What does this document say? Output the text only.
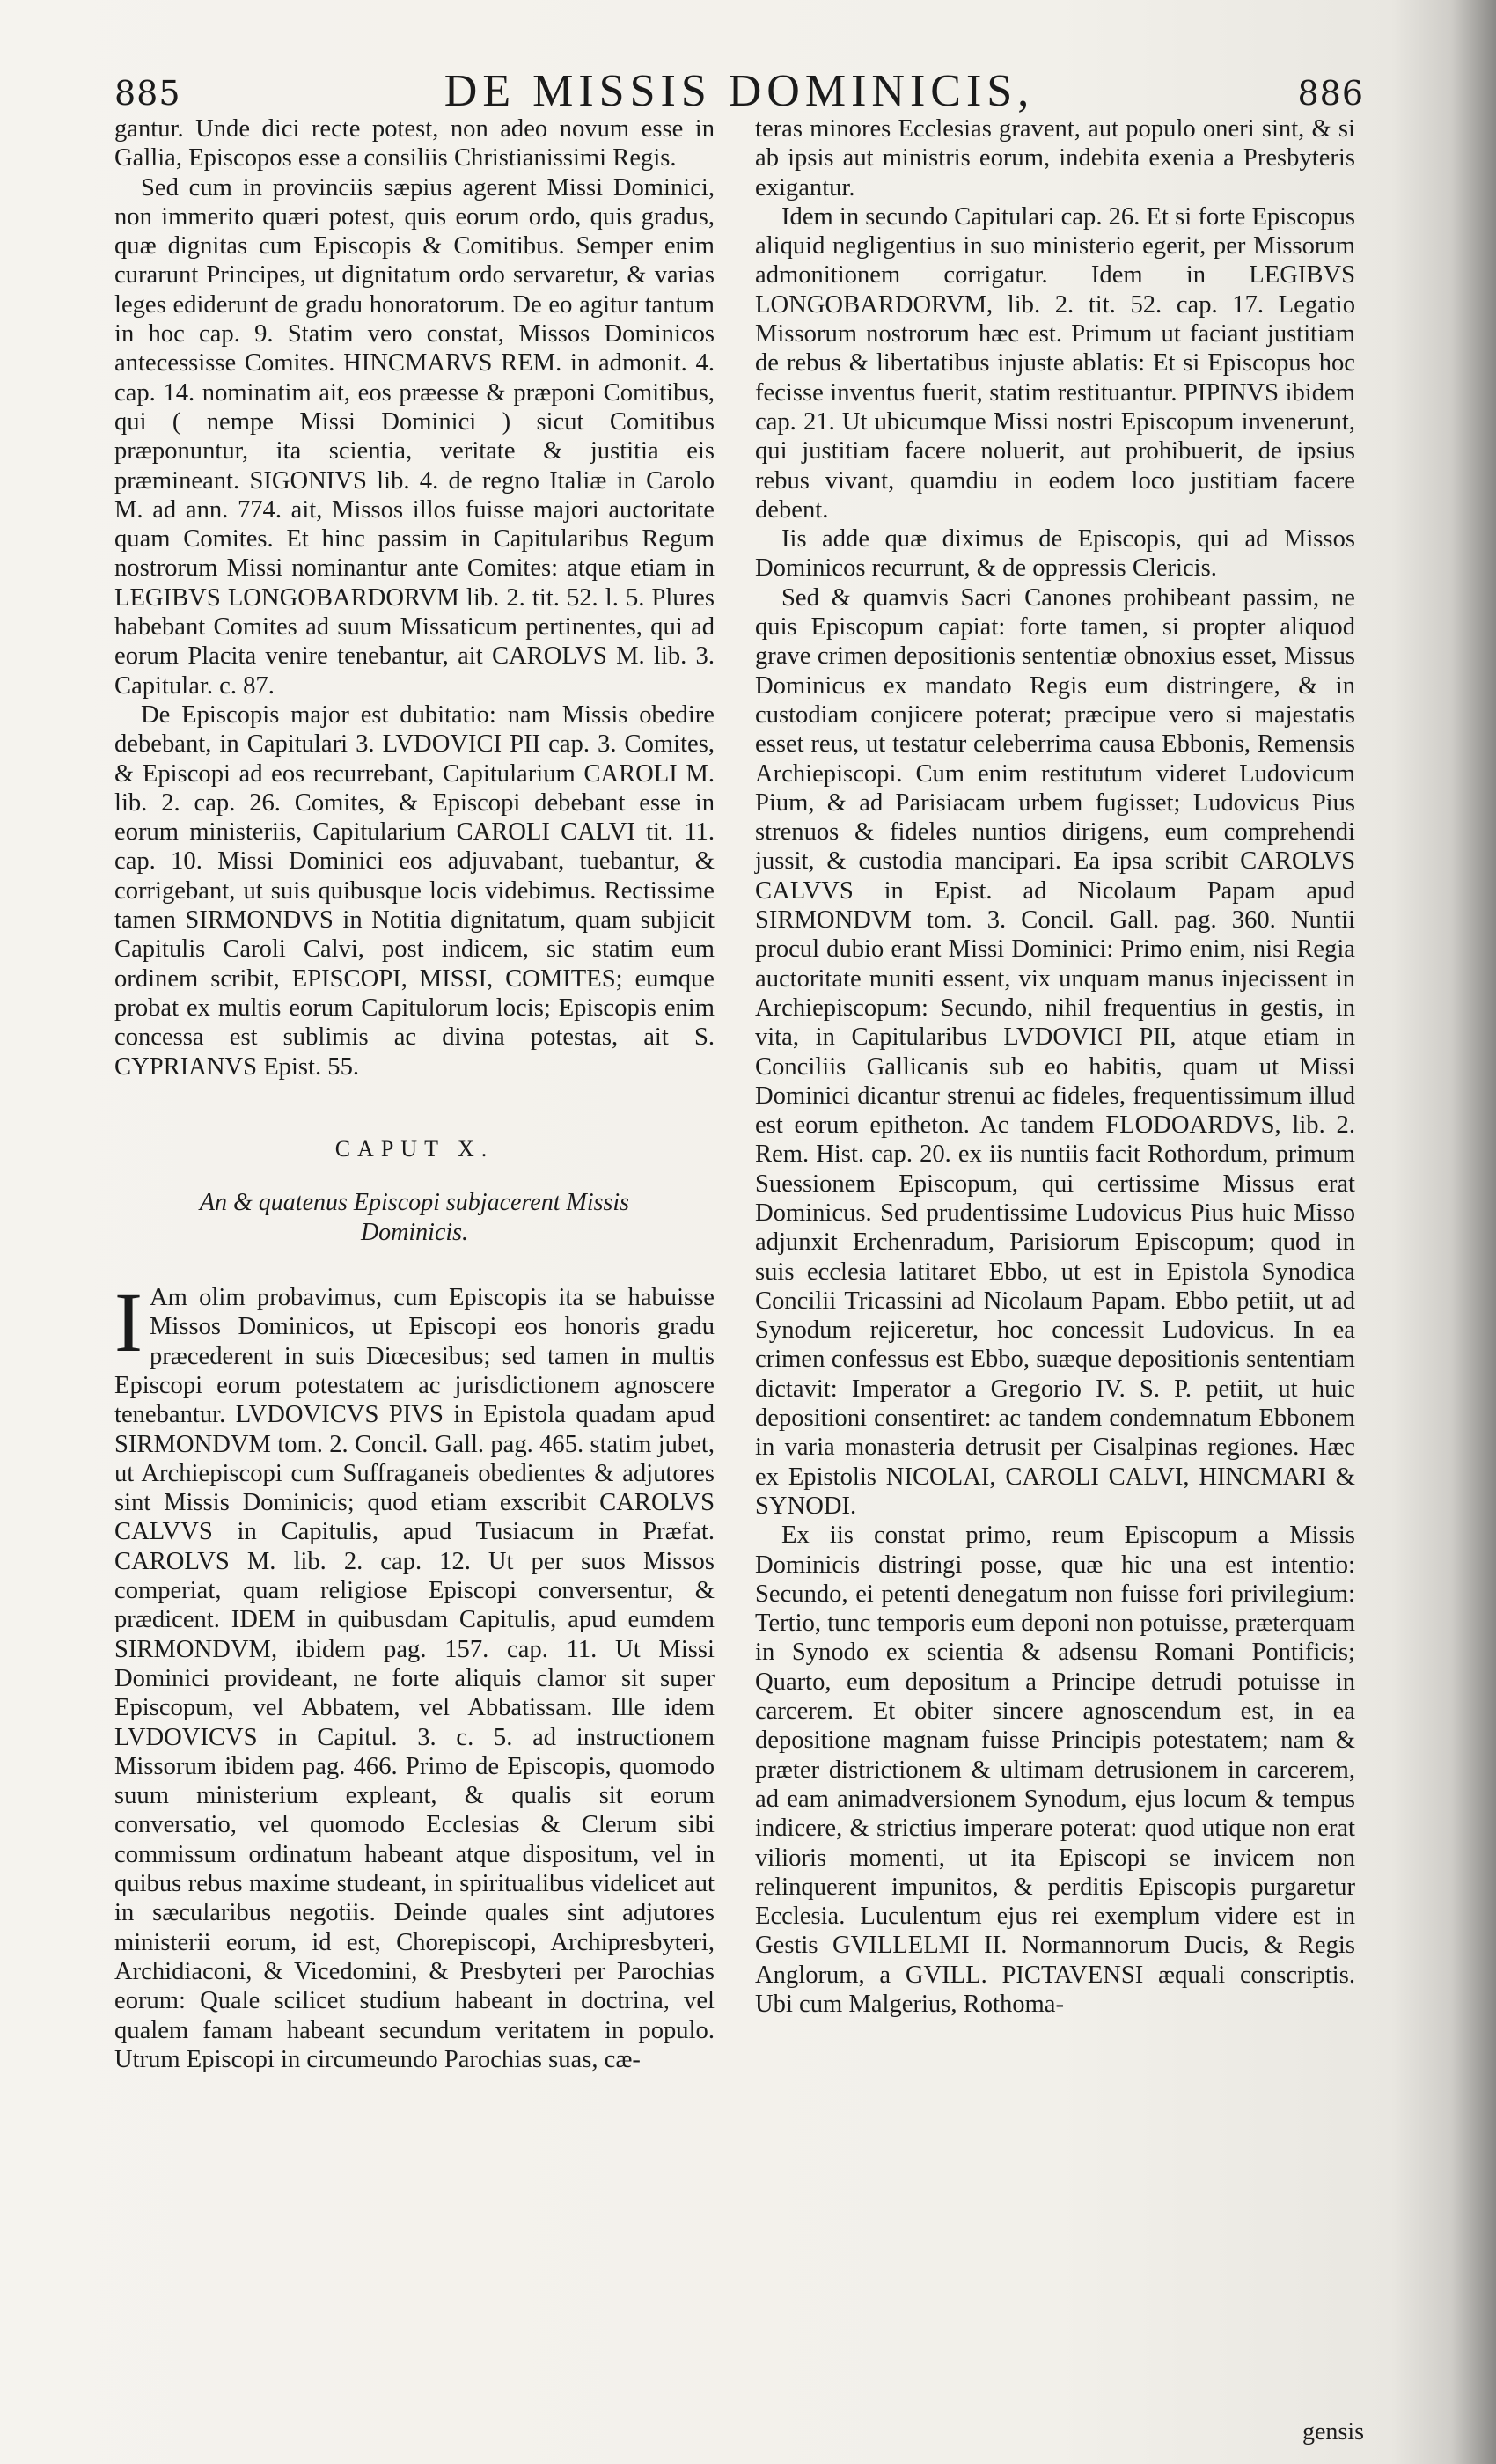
885	DE MISSIS DOMINICIS,	886

gantur. Unde dici recte potest, non adeo novum esse in Gallia, Episcopos esse a consiliis Christianissimi Regis.

Sed cum in provinciis sæpius agerent Missi Dominici, non immerito quæri potest, quis eorum ordo, quis gradus, quæ dignitas cum Episcopis & Comitibus. Semper enim curarunt Principes, ut dignitatum ordo servaretur, & varias leges ediderunt de gradu honoratorum. De eo agitur tantum in hoc cap. 9. Statim vero constat, Missos Dominicos antecessisse Comites. HINCMARVS REM. in admonit. 4. cap. 14. nominatim ait, eos præesse & præponi Comitibus, qui ( nempe Missi Dominici ) sicut Comitibus præponuntur, ita scientia, veritate & justitia eis præmineant. SIGONIVS lib. 4. de regno Italiæ in Carolo M. ad ann. 774. ait, Missos illos fuisse majori auctoritate quam Comites. Et hinc passim in Capitularibus Regum nostrorum Missi nominantur ante Comites: atque etiam in LEGIBVS LONGOBARDORVM lib. 2. tit. 52. l. 5. Plures habebant Comites ad suum Missaticum pertinentes, qui ad eorum Placita venire tenebantur, ait CAROLVS M. lib. 3. Capitular. c. 87.

De Episcopis major est dubitatio: nam Missis obedire debebant, in Capitulari 3. LVDOVICI PII cap. 3. Comites, & Episcopi ad eos recurrebant, Capitularium CAROLI M. lib. 2. cap. 26. Comites, & Episcopi debebant esse in eorum ministeriis, Capitularium CAROLI CALVI tit. 11. cap. 10. Missi Dominici eos adjuvabant, tuebantur, & corrigebant, ut suis quibusque locis videbimus. Rectissime tamen SIRMONDVS in Notitia dignitatum, quam subjicit Capitulis Caroli Calvi, post indicem, sic statim eum ordinem scribit, EPISCOPI, MISSI, COMITES; eumque probat ex multis eorum Capitulorum locis; Episcopis enim concessa est sublimis ac divina potestas, ait S. CYPRIANVS Epist. 55.

CAPUT X.
An & quatenus Episcopi subjacerent Missis Dominicis.

I Am olim probavimus, cum Episcopis ita se habuisse Missos Dominicos, ut Episcopi eos honoris gradu præcederent in suis Diœcesibus; sed tamen in multis Episcopi eorum potestatem ac jurisdictionem agnoscere tenebantur. LVDOVICVS PIVS in Epistola quadam apud SIRMONDVM tom. 2. Concil. Gall. pag. 465. statim jubet, ut Archiepiscopi cum Suffraganeis obedientes & adjutores sint Missis Dominicis; quod etiam exscribit CAROLVS CALVVS in Capitulis, apud Tusiacum in Præfat. CAROLVS M. lib. 2. cap. 12. Ut per suos Missos comperiat, quam religiose Episcopi conversentur, & prædicent. IDEM in quibusdam Capitulis, apud eumdem SIRMONDVM, ibidem pag. 157. cap. 11. Ut Missi Dominici provideant, ne forte aliquis clamor sit super Episcopum, vel Abbatem, vel Abbatissam. Ille idem LVDOVICVS in Capitul. 3. c. 5. ad instructionem Missorum ibidem pag. 466. Primo de Episcopis, quomodo suum ministerium expleant, & qualis sit eorum conversatio, vel quomodo Ecclesias & Clerum sibi commissum ordinatum habeant atque dispositum, vel in quibus rebus maxime studeant, in spiritualibus videlicet aut in sæcularibus negotiis. Deinde quales sint adjutores ministerii eorum, id est, Chorepiscopi, Archipresbyteri, Archidiaconi, & Vicedomini, & Presbyteri per Parochias eorum: Quale scilicet studium habeant in doctrina, vel qualem famam habeant secundum veritatem in populo. Utrum Episcopi in circumeundo Parochias suas, cæ-

teras minores Ecclesias gravent, aut populo oneri sint, & si ab ipsis aut ministris eorum, indebita exenia a Presbyteris exigantur.

Idem in secundo Capitulari cap. 26. Et si forte Episcopus aliquid negligentius in suo ministerio egerit, per Missorum admonitionem corrigatur. Idem in LEGIBVS LONGOBARDORVM, lib. 2. tit. 52. cap. 17. Legatio Missorum nostrorum hæc est. Primum ut faciant justitiam de rebus & libertatibus injuste ablatis: Et si Episcopus hoc fecisse inventus fuerit, statim restituantur. PIPINVS ibidem cap. 21. Ut ubicumque Missi nostri Episcopum invenerunt, qui justitiam facere noluerit, aut prohibuerit, de ipsius rebus vivant, quamdiu in eodem loco justitiam facere debent.

Iis adde quæ diximus de Episcopis, qui ad Missos Dominicos recurrunt, & de oppressis Clericis.

Sed & quamvis Sacri Canones prohibeant passim, ne quis Episcopum capiat: forte tamen, si propter aliquod grave crimen depositionis sententiæ obnoxius esset, Missus Dominicus ex mandato Regis eum distringere, & in custodiam conjicere poterat; præcipue vero si majestatis esset reus, ut testatur celeberrima causa Ebbonis, Remensis Archiepiscopi. Cum enim restitutum videret Ludovicum Pium, & ad Parisiacam urbem fugisset; Ludovicus Pius strenuos & fideles nuntios dirigens, eum comprehendi jussit, & custodia mancipari. Ea ipsa scribit CAROLVS CALVVS in Epist. ad Nicolaum Papam apud SIRMONDVM tom. 3. Concil. Gall. pag. 360. Nuntii procul dubio erant Missi Dominici: Primo enim, nisi Regia auctoritate muniti essent, vix unquam manus injecissent in Archiepiscopum: Secundo, nihil frequentius in gestis, in vita, in Capitularibus LVDOVICI PII, atque etiam in Conciliis Gallicanis sub eo habitis, quam ut Missi Dominici dicantur strenui ac fideles, frequentissimum illud est eorum epitheton. Ac tandem FLODOARDVS, lib. 2. Rem. Hist. cap. 20. ex iis nuntiis facit Rothordum, primum Suessionem Episcopum, qui certissime Missus erat Dominicus. Sed prudentissime Ludovicus Pius huic Misso adjunxit Erchenradum, Parisiorum Episcopum; quod in suis ecclesia latitaret Ebbo, ut est in Epistola Synodica Concilii Tricassini ad Nicolaum Papam. Ebbo petiit, ut ad Synodum rejiceretur, hoc concessit Ludovicus. In ea crimen confessus est Ebbo, suæque depositionis sententiam dictavit: Imperator a Gregorio IV. S. P. petiit, ut huic depositioni consentiret: ac tandem condemnatum Ebbonem in varia monasteria detrusit per Cisalpinas regiones. Hæc ex Epistolis NICOLAI, CAROLI CALVI, HINCMARI & SYNODI.

Ex iis constat primo, reum Episcopum a Missis Dominicis distringi posse, quæ hic una est intentio: Secundo, ei petenti denegatum non fuisse fori privilegium: Tertio, tunc temporis eum deponi non potuisse, præterquam in Synodo ex scientia & adsensu Romani Pontificis; Quarto, eum depositum a Principe detrudi potuisse in carcerem. Et obiter sincere agnoscendum est, in ea depositione magnam fuisse Principis potestatem; nam & præter districtionem & ultimam detrusionem in carcerem, ad eam animadversionem Synodum, ejus locum & tempus indicere, & strictius imperare poterat: quod utique non erat vilioris momenti, ut ita Episcopi se invicem non relinquerent impunitos, & perditis Episcopis purgaretur Ecclesia. Luculentum ejus rei exemplum videre est in Gestis GVILLELMI II. Normannorum Ducis, & Regis Anglorum, a GVILL. PICTAVENSI æquali conscriptis. Ubi cum Malgerius, Rothoma-

gensis
